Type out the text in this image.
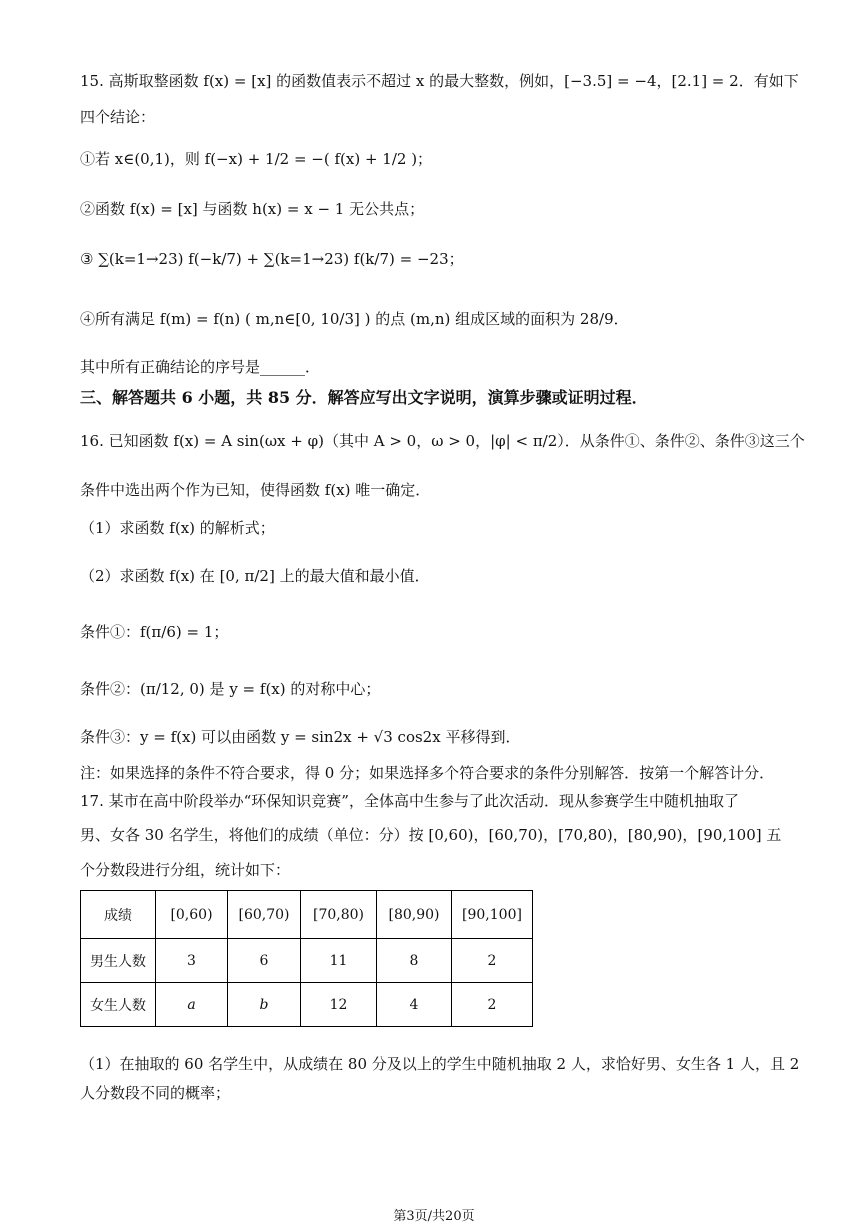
15. 高斯取整函数 f(x) = [x] 的函数值表示不超过 x 的最大整数，例如，[−3.5] = −4，[2.1] = 2．有如下
四个结论：
①若 x∈(0,1)，则 f(−x) + 1/2 = −( f(x) + 1/2 )；
②函数 f(x) = [x] 与函数 h(x) = x − 1 无公共点；
③ ∑(k=1→23) f(−k/7) + ∑(k=1→23) f(k/7) = −23；
④所有满足 f(m) = f(n) ( m,n∈[0, 10/3] ) 的点 (m,n) 组成区域的面积为 28/9．
其中所有正确结论的序号是______．
三、解答题共 6 小题，共 85 分．解答应写出文字说明，演算步骤或证明过程．
16. 已知函数 f(x) = A sin(ωx + φ)（其中 A > 0，ω > 0，|φ| < π/2）．从条件①、条件②、条件③这三个
条件中选出两个作为已知，使得函数 f(x) 唯一确定．
（1）求函数 f(x) 的解析式；
（2）求函数 f(x) 在 [0, π/2] 上的最大值和最小值．
条件①：f(π/6) = 1；
条件②：(π/12, 0) 是 y = f(x) 的对称中心；
条件③：y = f(x) 可以由函数 y = sin2x + √3 cos2x 平移得到．
注：如果选择的条件不符合要求，得 0 分；如果选择多个符合要求的条件分别解答．按第一个解答计分．
17. 某市在高中阶段举办“环保知识竞赛”，全体高中生参与了此次活动．现从参赛学生中随机抽取了
男、女各 30 名学生，将他们的成绩（单位：分）按 [0,60)，[60,70)，[70,80)，[80,90)，[90,100] 五
个分数段进行分组，统计如下：
成绩	[0,60)	[60,70)	[70,80)	[80,90)	[90,100]
男生人数	3	6	11	8	2
女生人数	a	b	12	4	2
（1）在抽取的 60 名学生中，从成绩在 80 分及以上的学生中随机抽取 2 人，求恰好男、女生各 1 人，且 2
人分数段不同的概率；
第3页/共20页
